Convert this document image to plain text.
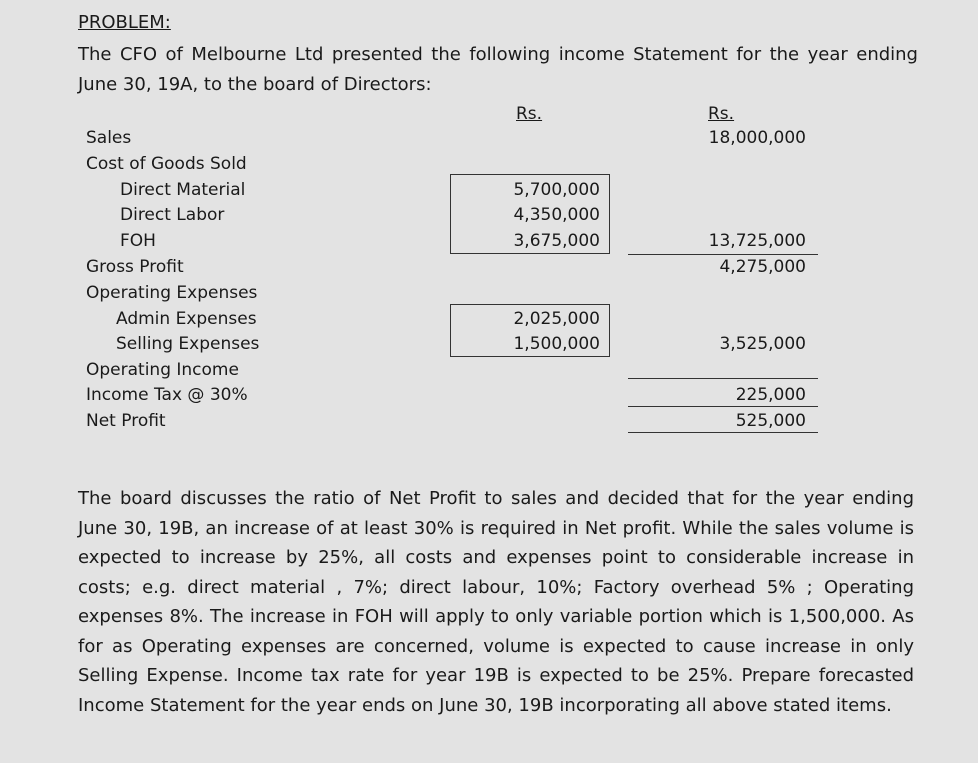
PROBLEM:
The CFO of Melbourne Ltd presented the following income Statement for the year ending June 30, 19A, to the board of Directors:
Rs.	Rs.
Sales
Cost of Goods Sold
Direct Material
Direct Labor
FOH
Gross Profit
Operating Expenses
Admin Expenses
Selling Expenses
Operating Income
Income Tax @ 30%
Net Profit
5,700,000
4,350,000
3,675,000
2,025,000
1,500,000
18,000,000
13,725,000
4,275,000
3,525,000
225,000
525,000
The board discusses the ratio of Net Profit to sales and decided that for the year ending June 30, 19B, an increase of at least 30% is required in Net profit. While the sales volume is expected to increase by 25%, all costs and expenses point to considerable increase in costs; e.g. direct material , 7%; direct labour, 10%; Factory overhead 5% ; Operating expenses 8%. The increase in FOH will apply to only variable portion which is 1,500,000. As for as Operating expenses are concerned, volume is expected to cause increase in only Selling Expense. Income tax rate for year 19B is expected to be 25%. Prepare forecasted Income Statement for the year ends on June 30, 19B incorporating all above stated items.
